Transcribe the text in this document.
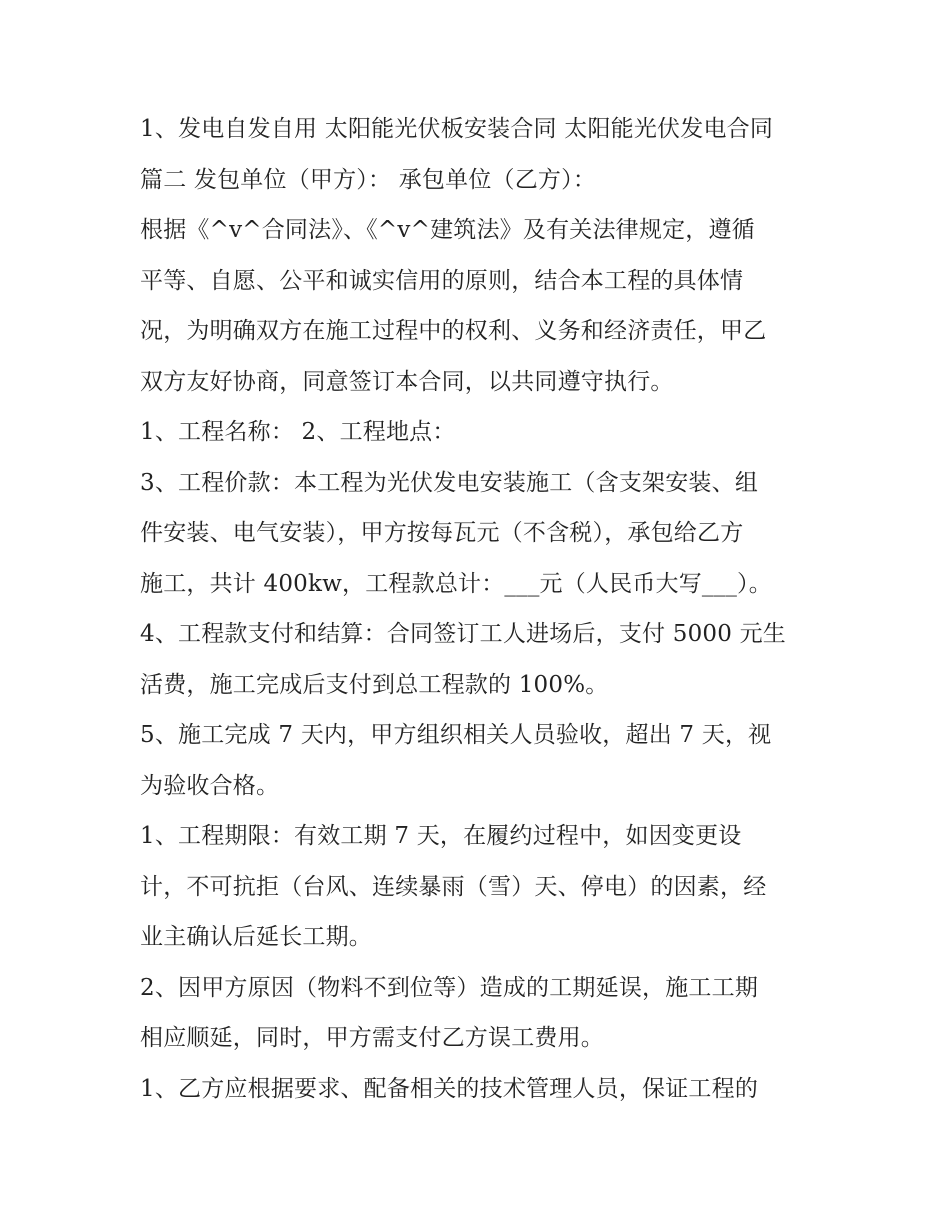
1、发电自发自用 太阳能光伏板安装合同 太阳能光伏发电合同
篇二 发包单位（甲方）： 承包单位（乙方）：
根据《^v^合同法》、《^v^建筑法》及有关法律规定，遵循
平等、自愿、公平和诚实信用的原则，结合本工程的具体情
况，为明确双方在施工过程中的权利、义务和经济责任，甲乙
双方友好协商，同意签订本合同，以共同遵守执行。
1、工程名称： 2、工程地点：
3、工程价款：本工程为光伏发电安装施工（含支架安装、组
件安装、电气安装），甲方按每瓦元（不含税），承包给乙方
施工，共计 400kw，工程款总计：___元（人民币大写___）。
4、工程款支付和结算：合同签订工人进场后，支付 5000 元生
活费，施工完成后支付到总工程款的 100%。
5、施工完成 7 天内，甲方组织相关人员验收，超出 7 天，视
为验收合格。
1、工程期限：有效工期 7 天，在履约过程中，如因变更设
计，不可抗拒（台风、连续暴雨（雪）天、停电）的因素，经
业主确认后延长工期。
2、因甲方原因（物料不到位等）造成的工期延误，施工工期
相应顺延，同时，甲方需支付乙方误工费用。
1、乙方应根据要求、配备相关的技术管理人员，保证工程的
